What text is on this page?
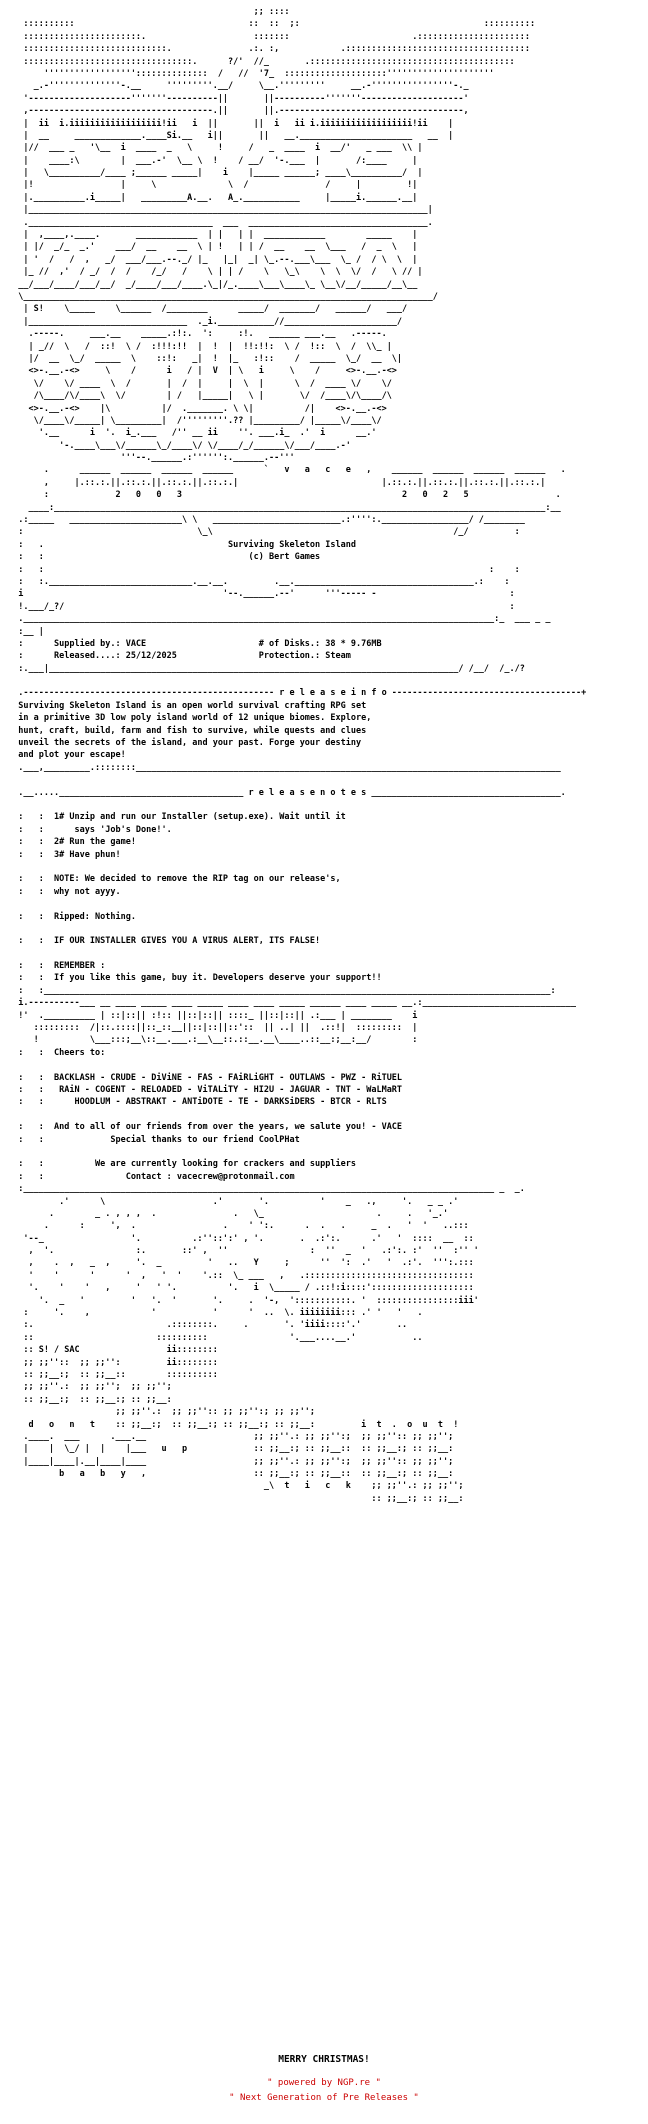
;; ::::
::::::::::                                  ::  ::  ;:                                    ::::::::::
:::::::::::::::::::::::.                     :::::::                        .::::::::::::::::::::::
::::::::::::::::::::::::::::.               .:. :,            .::::::::::::::::::::::::::::::::::::
:::::::::::::::::::::::::::::::::.      ?/'  //_       .::::::::::::::::::::::::::::::::::::::::
''''''''''''''''''::::::::::::::  /   //  '7_  ::::::::::::::::::::'''''''''''''''''''''
_.-''''''''''''''-.__     '''''''''.__/     \__.'''''''''     __.-''''''''''''''''-._
'--------------------'''''''----------||       ||----------'''''''--------------------'
,------------------------------------.||       ||.------------------------------------,
|  ii  i.iiiiiiiiiiiiiiiiii!ii   i  ||       ||  i   ii i.iiiiiiiiiiiiiiiiii!ii    |
|  __     _____________.____Si.__   i||       ||   __.______________________   __  |
|//  ___ _   '\__  i  ____  _   \     !     /   _  ____  i  __/'   _ ___  \\ |
|    ____:\        |  ___.-'  \__ \  !    / __/  '-.___  |       /:____     |
|   \__________/____ ;______ _____|    i    |_____ ______; ____\__________/  |
|!                 |     \              \  /               /     |         !|
|.__________.i_____|   _________A.__.   A_.___________     |_____i.______.__|
|______________________________________________________________________________|
.____________________________________  ___  ___________________________________.
|  ,____,.____.       ____________  | |   | |  ____________        _____    |
| |/  _/_  _.'    ___/  __    __  \ | !   | | /  __    __  \___   /  _  \   |
| '  /   /  ,   _/  ___/___.--._/ |_   |_|  _| \_.--.___\___  \_ /  / \  \  |
|_ //  ,'  / _/  /  /    /_/   /    \ | | /    \   \_\    \  \  \/  /   \ // |
__/___/____/___/__/  _/____/___/____.\_|/_.____\___\____\_ \__\/__/_____/__\__
\________________________________________________________________________________/
| S!    \_____    \______  /________      _____/  _______/   ______/   ___/
|_______________________________  ._i.___________//______________________/
.-----.     ___.__    _____.:!:.  ':     :!.   ______ ___.__   .-----.
| _//  \   /  ::!  \ /  :!!!:!!  |  !  |  !!:!!:  \ /  !::  \  /  \\_ |
|/  __  \_/  _____  \    ::!:   _|  !  |_   :!::    /  _____  \_/  __  \|
<>-.__.-<>     \    /      i   / |  V  | \   i     \    /     <>-.__.-<>
\/    \/ ____  \  /       |  /  |     |  \  |      \  /  ____ \/    \/
/\____/\/____\  \/        | /   |_____|   \ |       \/  /____\/\____/\
<>-.__.-<>    |\          |/  ._______. \ \|          /|    <>-.__.-<>
\/____\/_____| \_________|  /'''''''''.?? |_________/ |_____\/____\/
'.__      i  '.  i_.___   /'' __ ii    ''. ___.i_  .'  i      __.'
'-.____\___\/______\_/____\/ \/____/_/______\/___/____.-'
'''--.______.:'''''':.______.--'''
.      ______  ______  ______  ______      `   v   a   c   e   ,    ______  ______  ______  ______   .
,     |.::.:.||.::.:.||.::.:.||.::.:.|                            |.::.:.||.::.:.||.::.:.||.::.:.|
:             2   0   0   3                                           2   0   2   5                 .
____:________________________________________________________________________________________________:__
.:_____   ______________________\ \   _________________________.:'''':._________________/ /________
:                                  \_\                                               /_/         :
:   .                                    Surviving Skeleton Island
:   :                                        (c) Bert Games
:   :                                                                                       :    :
:   :.____________________________.__.__.         .__.___________________________________.:    :
i                                       '--.______.--'      '''----- -                          :
!.___/_?/                                                                                       :
.____________________________________________________________________________________________:_  ___ _ _
:__ |
:      Supplied by.: VACE                      # of Disks.: 38 * 9.76MB
:      Released....: 25/12/2025                Protection.: Steam
:.___|________________________________________________________________________________/ /__/  /_./?

.------------------------------------------------- r e l e a s e i n f o -------------------------------------+
Surviving Skeleton Island is an open world survival crafting RPG set
in a primitive 3D low poly island world of 12 unique biomes. Explore,
hunt, craft, build, farm and fish to survive, while quests and clues
unveil the secrets of the island, and your past. Forge your destiny
and plot your escape!
.___,_________.::::::::___________________________________________________________________________________

.__.....____________________________________ r e l e a s e n o t e s _____________________________________.

:   :  1# Unzip and run our Installer (setup.exe). Wait until it
:   :      says 'Job's Done!'.
:   :  2# Run the game!
:   :  3# Have phun!

:   :  NOTE: We decided to remove the RIP tag on our release's,
:   :  why not ayyy.

:   :  Ripped: Nothing.

:   :  IF OUR INSTALLER GIVES YOU A VIRUS ALERT, ITS FALSE!

:   :  REMEMBER :
:   :  If you like this game, buy it. Developers deserve your support!!
:   :___________________________________________________________________________________________________:
i.----------___ __ ____ _____ ____ _____ ____ ____ _____ ______ ____ _____ __.:______________________________
!'  .__________ | ::|::|| :!:: ||::|::|| ::::_ ||::|::|| .:___ | ________    i
:::::::::  /|::.::::||::_::__||::|::||::'::  || ..| ||  .::!|  :::::::::  |
!          \___:::;__\::__.___.:__\__::.::__.__\____..::__:;__:__/        :
:   :  Cheers to:

:   :  BACKLASH - CRUDE - DiViNE - FAS - FAiRLiGHT - OUTLAWS - PWZ - RiTUEL
:   :   RAiN - COGENT - RELOADED - ViTALiTY - HI2U - JAGUAR - TNT - WaLMaRT
:   :      HOODLUM - ABSTRAKT - ANTiDOTE - TE - DARKSiDERS - BTCR - RLTS

:   :  And to all of our friends from over the years, we salute you! - VACE
:   :             Special thanks to our friend CoolPHat

:   :          We are currently looking for crackers and suppliers
:   :                Contact : vacecrew@protonmail.com
:____________________________________________________________________________________________ _  _.
.'      \                     .'       '.          '    _   .,     '.   _ _ .'
.        _ . , , ,  .               .   \_                      .     .   '_.'
.      :     ',  .                 .    ' ':.      .  .   .     _  .   '  '   ..:::
'--_                 '.          .:''::':' , '.       .  .:':.      .'   '  ::::  __  ::
,  '.                :.       ::' ,  ''                :  ''  _  '   .:':. :'  ''  :'' '
,    .  ,   _  ,     '.  _         '   ..   Y     ;      ''  ':  .'   '  .:'.  ''':.:::
'    '      '      '  ,   '  '    '.::  \_ ___   ,   .:::::::::::::::::::::::::::::::::
'.    '    '   ,     '   ' '.          '.   i  \_____ / .::!:i::::'::::::::::::::::::::
'.  _   '         '   '.  '       '.     .  '-,  ':::::::::::. '  ::::::::::::::::iii'
:     '.    ,            '           '      '  ..  \. iiiiiiii::: .' '   '   .
:.                          .::::::::.     .       '. 'iiii::::'.'       ..
::                        ::::::::::                '.___....__.'           ..
:: S! / SAC                 ii::::::::
;; ;;''::  ;; ;;'':         ii::::::::
:: ;;__:;  :: ;;__::        ::::::::::
;; ;;''.:  ;; ;;'';  ;; ;;'';
:: ;;__:;  :: ;;__:; :: ;;__:
;; ;;''.:  ;; ;;'':: ;; ;;'':; ;; ;;'';
d   o   n   t    :: ;;__:;  :: ;;__:; :: ;;__:; :: ;;__:         i  t  .  o  u  t  !
.____.  ___      .___.__                     ;; ;;''.: ;; ;;'':;  ;; ;;'':: ;; ;;'';
|    |  \_/ |  |    |___   u   p             :: ;;__:; :: ;;__::  :: ;;__:; :: ;;__:
|____|____|.__|____|____                     ;; ;;''.: ;; ;;'':;  ;; ;;'':: ;; ;;'';
b   a   b   y   ,                     :: ;;__:; :: ;;__::  :: ;;__:; :: ;;__:
_\  t   i   c   k    ;; ;;''.: ;; ;;'';
:: ;;__:; :: ;;__:
MERRY CHRISTMAS!
" powered by NGP.re "
" Next Generation of Pre Releases "
